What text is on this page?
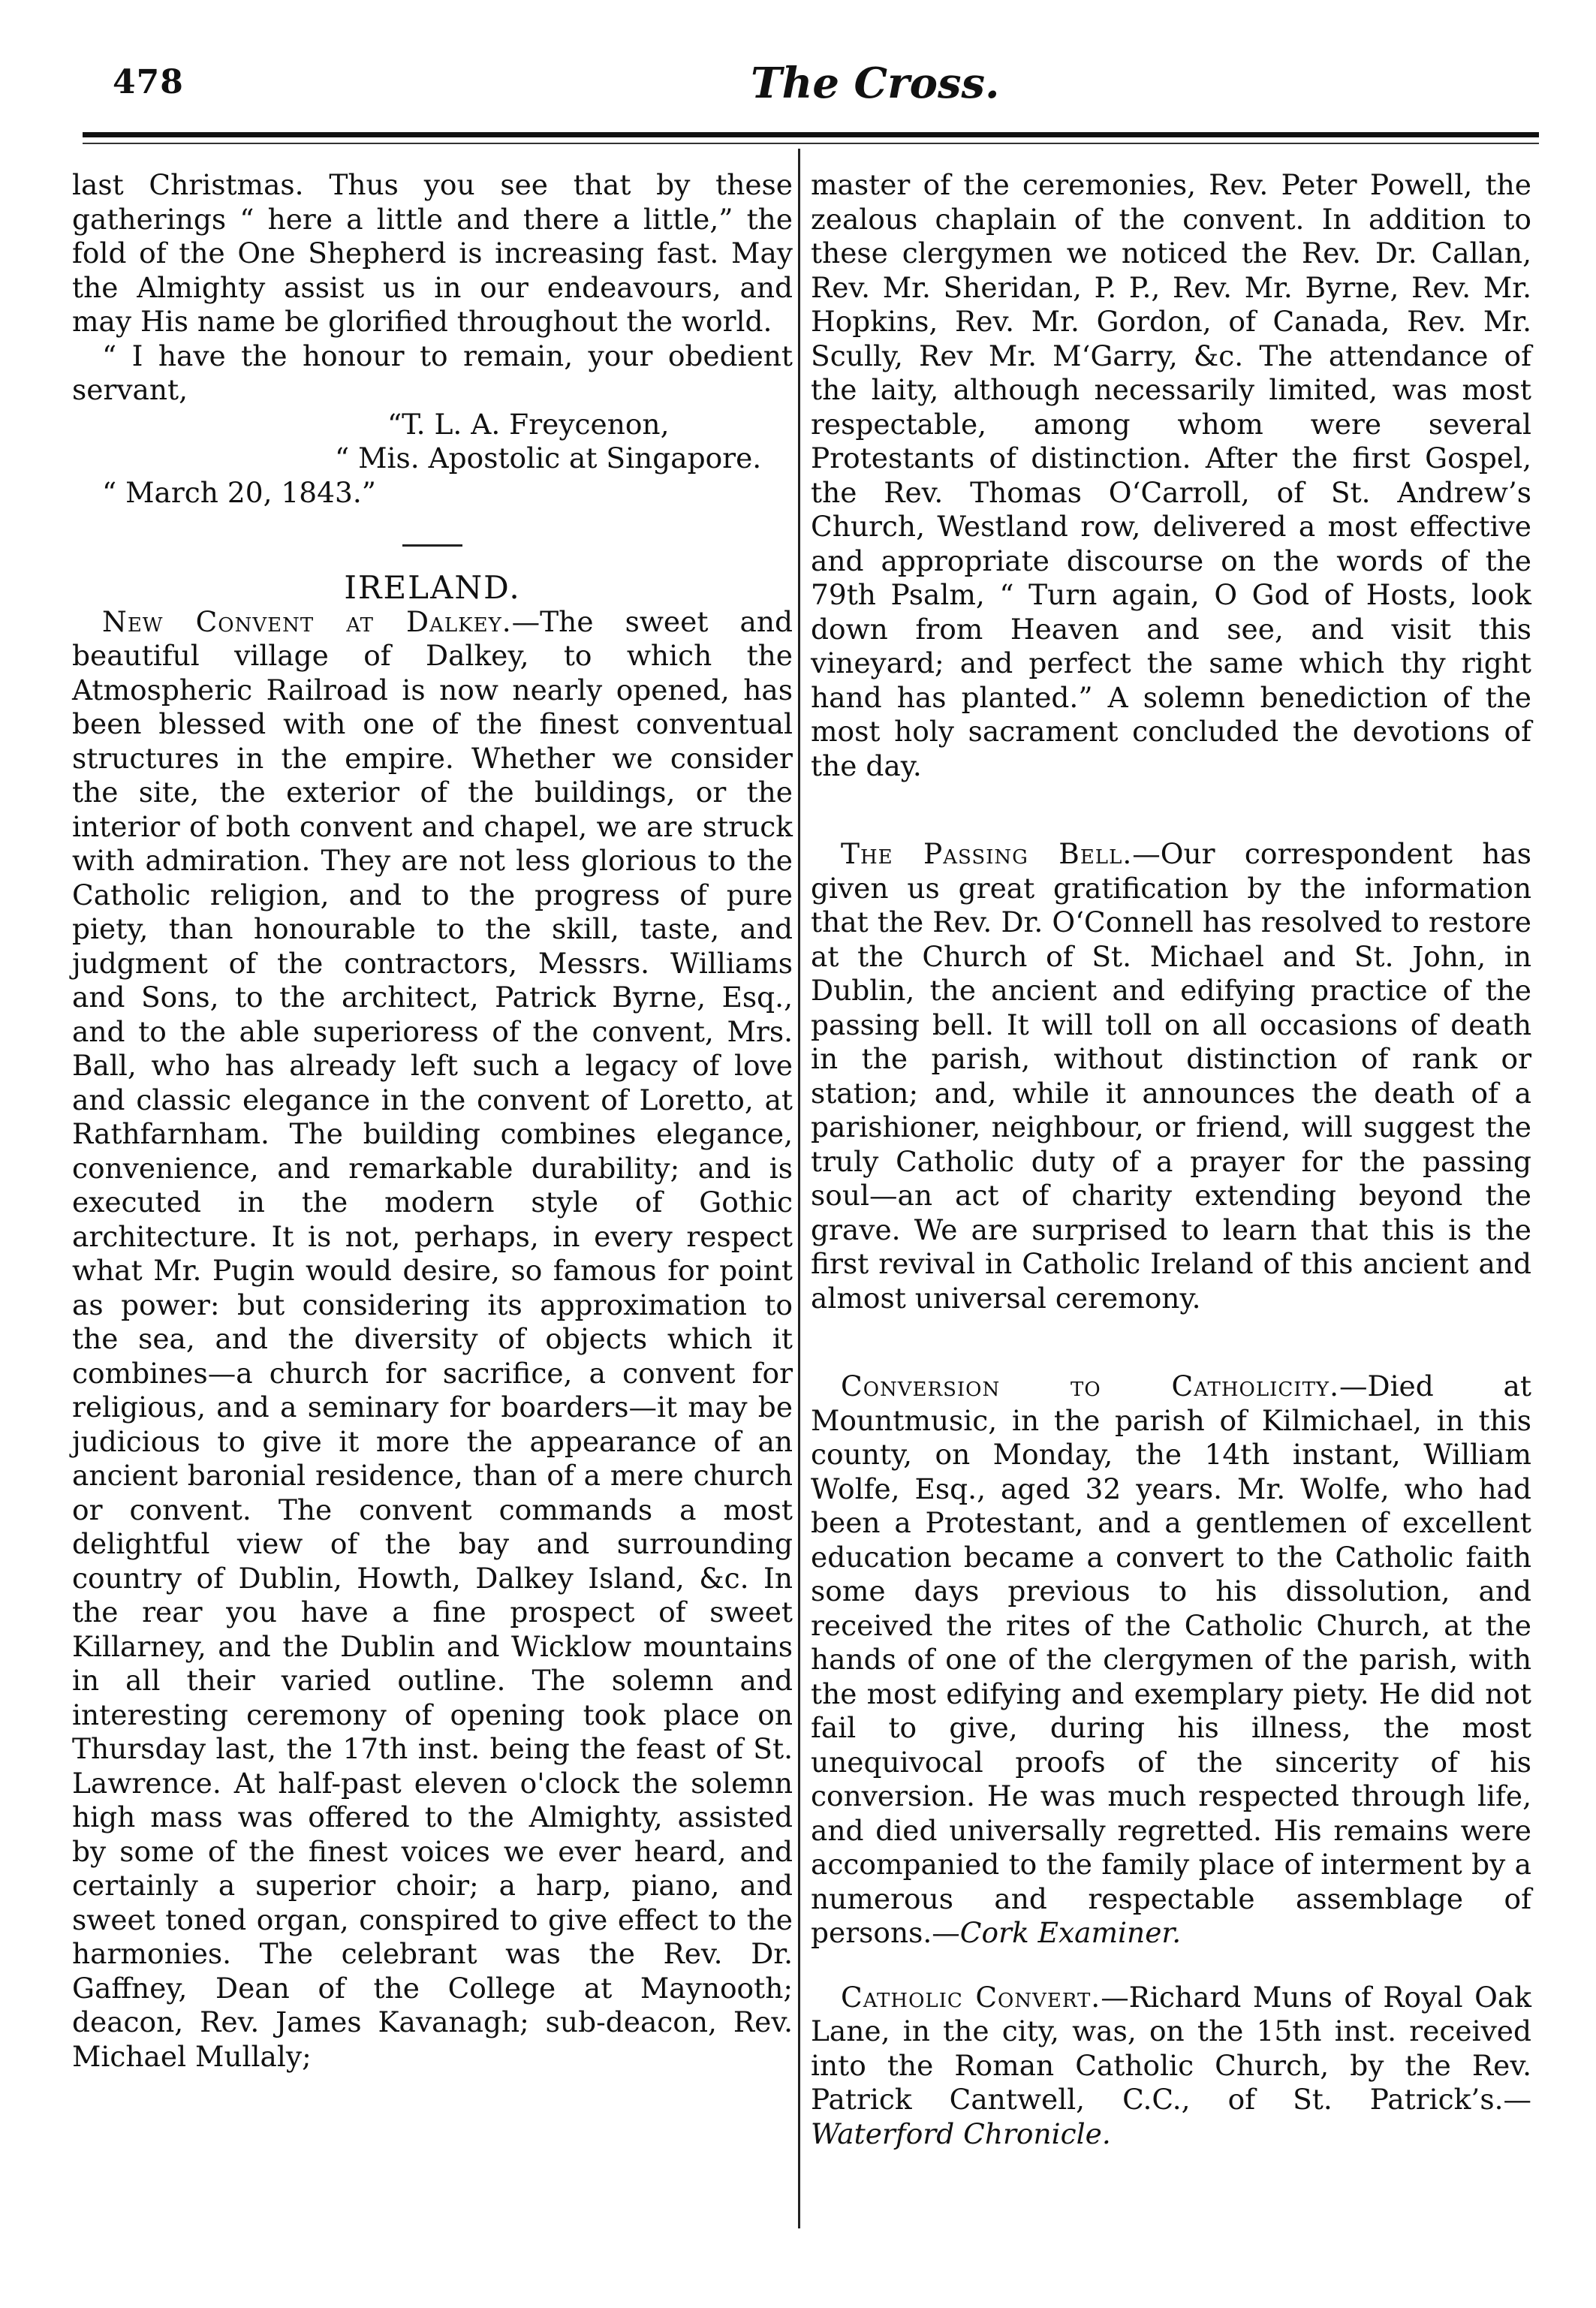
478	The Cross.

last Christmas. Thus you see that by these gatherings “ here a little and there a little,” the fold of the One Shepherd is increasing fast. May the Almighty assist us in our endeavours, and may His name be glorified throughout the world.

“ I have the honour to remain, your obedient servant,

“T. L. A. Freycenon,

“ Mis. Apostolic at Singapore.

“ March 20, 1843.”

IRELAND.

New Convent at Dalkey.—The sweet and beautiful village of Dalkey, to which the Atmospheric Railroad is now nearly opened, has been blessed with one of the finest conventual structures in the empire. Whether we consider the site, the exterior of the buildings, or the interior of both convent and chapel, we are struck with admiration. They are not less glorious to the Catholic religion, and to the progress of pure piety, than honourable to the skill, taste, and judgment of the contractors, Messrs. Williams and Sons, to the architect, Patrick Byrne, Esq., and to the able superioress of the convent, Mrs. Ball, who has already left such a legacy of love and classic elegance in the convent of Loretto, at Rathfarnham. The building combines elegance, convenience, and remarkable durability; and is executed in the modern style of Gothic architecture. It is not, perhaps, in every respect what Mr. Pugin would desire, so famous for point as power: but considering its approximation to the sea, and the diversity of objects which it combines—a church for sacrifice, a convent for religious, and a seminary for boarders—it may be judicious to give it more the appearance of an ancient baronial residence, than of a mere church or convent. The convent commands a most delightful view of the bay and surrounding country of Dublin, Howth, Dalkey Island, &c. In the rear you have a fine prospect of sweet Killarney, and the Dublin and Wicklow mountains in all their varied outline. The solemn and interesting ceremony of opening took place on Thursday last, the 17th inst. being the feast of St. Lawrence. At half-past eleven o'clock the solemn high mass was offered to the Almighty, assisted by some of the finest voices we ever heard, and certainly a superior choir; a harp, piano, and sweet toned organ, conspired to give effect to the harmonies. The celebrant was the Rev. Dr. Gaffney, Dean of the College at Maynooth; deacon, Rev. James Kavanagh; sub-deacon, Rev. Michael Mullaly;

master of the ceremonies, Rev. Peter Powell, the zealous chaplain of the convent. In addition to these clergymen we noticed the Rev. Dr. Callan, Rev. Mr. Sheridan, P. P., Rev. Mr. Byrne, Rev. Mr. Hopkins, Rev. Mr. Gordon, of Canada, Rev. Mr. Scully, Rev Mr. M‘Garry, &c. The attendance of the laity, although necessarily limited, was most respectable, among whom were several Protestants of distinction. After the first Gospel, the Rev. Thomas O‘Carroll, of St. Andrew’s Church, Westland row, delivered a most effective and appropriate discourse on the words of the 79th Psalm, “ Turn again, O God of Hosts, look down from Heaven and see, and visit this vineyard; and perfect the same which thy right hand has planted.” A solemn benediction of the most holy sacrament concluded the devotions of the day.

The Passing Bell.—Our correspondent has given us great gratification by the information that the Rev. Dr. O‘Connell has resolved to restore at the Church of St. Michael and St. John, in Dublin, the ancient and edifying practice of the passing bell. It will toll on all occasions of death in the parish, without distinction of rank or station; and, while it announces the death of a parishioner, neighbour, or friend, will suggest the truly Catholic duty of a prayer for the passing soul—an act of charity extending beyond the grave. We are surprised to learn that this is the first revival in Catholic Ireland of this ancient and almost universal ceremony.

Conversion to Catholicity.—Died at Mountmusic, in the parish of Kilmichael, in this county, on Monday, the 14th instant, William Wolfe, Esq., aged 32 years. Mr. Wolfe, who had been a Protestant, and a gentlemen of excellent education became a convert to the Catholic faith some days previous to his dissolution, and received the rites of the Catholic Church, at the hands of one of the clergymen of the parish, with the most edifying and exemplary piety. He did not fail to give, during his illness, the most unequivocal proofs of the sincerity of his conversion. He was much respected through life, and died universally regretted. His remains were accompanied to the family place of interment by a numerous and respectable assemblage of persons.—Cork Examiner.

Catholic Convert.—Richard Muns of Royal Oak Lane, in the city, was, on the 15th inst. received into the Roman Catholic Church, by the Rev. Patrick Cantwell, C.C., of St. Patrick’s.—Waterford Chronicle.
